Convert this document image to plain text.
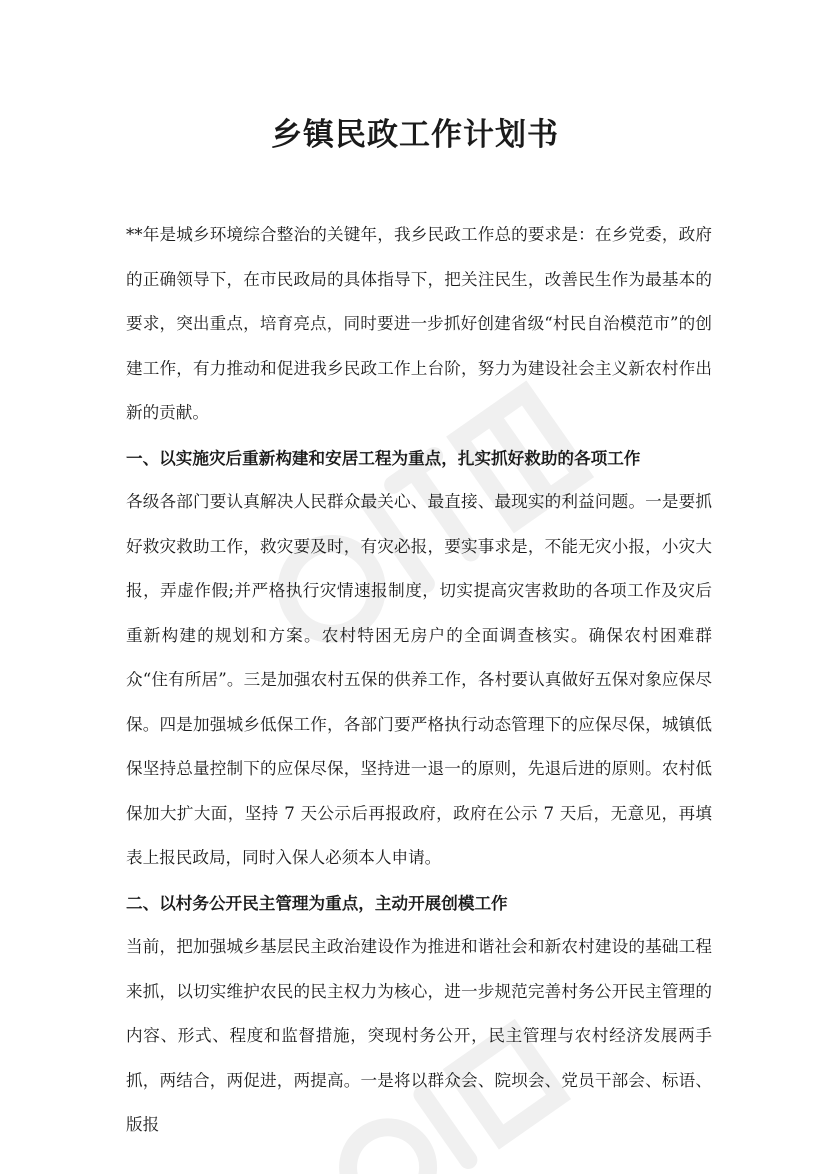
乡镇民政工作计划书

**年是城乡环境综合整治的关键年，我乡民政工作总的要求是：在乡党委，政府的正确领导下，在市民政局的具体指导下，把关注民生，改善民生作为最基本的要求，突出重点，培育亮点，同时要进一步抓好创建省级“村民自治模范市”的创建工作，有力推动和促进我乡民政工作上台阶，努力为建设社会主义新农村作出新的贡献。

一、以实施灾后重新构建和安居工程为重点，扎实抓好救助的各项工作

各级各部门要认真解决人民群众最关心、最直接、最现实的利益问题。一是要抓好救灾救助工作，救灾要及时，有灾必报，要实事求是，不能无灾小报，小灾大报，弄虚作假;并严格执行灾情速报制度，切实提高灾害救助的各项工作及灾后重新构建的规划和方案。农村特困无房户的全面调查核实。确保农村困难群众“住有所居”。三是加强农村五保的供养工作，各村要认真做好五保对象应保尽保。四是加强城乡低保工作，各部门要严格执行动态管理下的应保尽保，城镇低保坚持总量控制下的应保尽保，坚持进一退一的原则，先退后进的原则。农村低保加大扩大面，坚持 7 天公示后再报政府，政府在公示 7 天后，无意见，再填表上报民政局，同时入保人必须本人申请。

二、以村务公开民主管理为重点，主动开展创模工作

当前，把加强城乡基层民主政治建设作为推进和谐社会和新农村建设的基础工程来抓，以切实维护农民的民主权力为核心，进一步规范完善村务公开民主管理的内容、形式、程度和监督措施，突现村务公开，民主管理与农村经济发展两手抓，两结合，两促进，两提高。一是将以群众会、院坝会、党员干部会、标语、版报
